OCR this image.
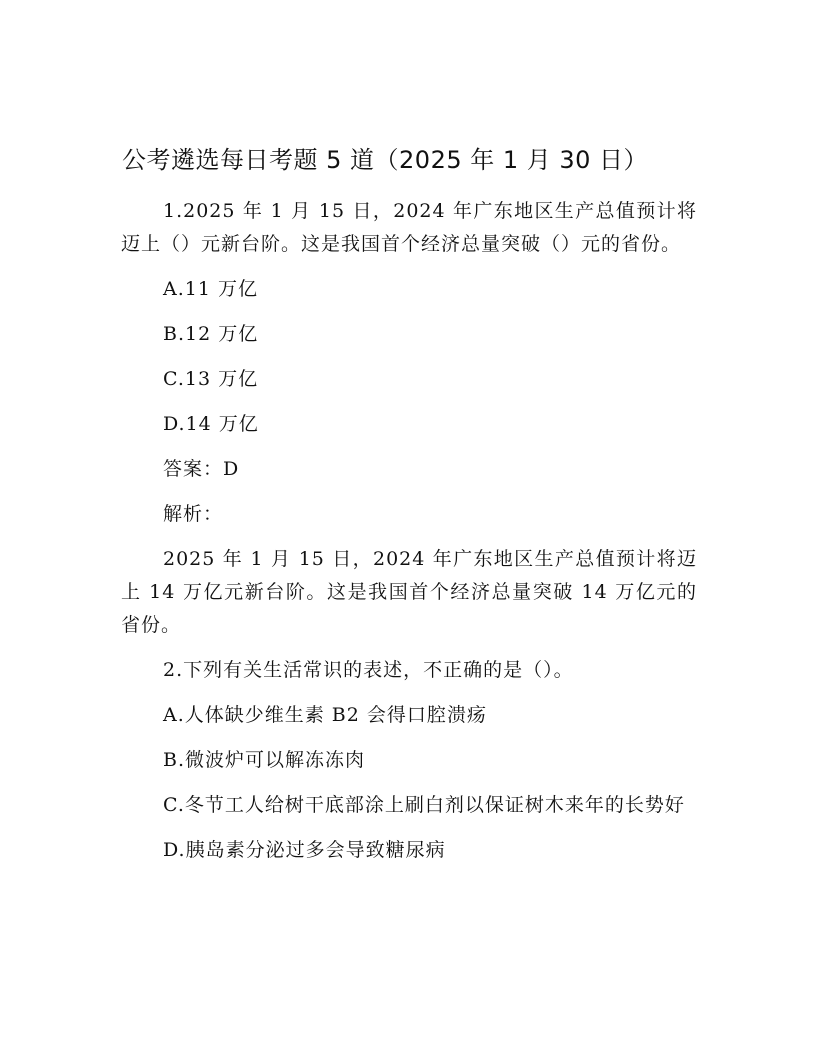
公考遴选每日考题 5 道（2025 年 1 月 30 日）

1.2025 年 1 月 15 日，2024 年广东地区生产总值预计将迈上（）元新台阶。这是我国首个经济总量突破（）元的省份。

A.11 万亿

B.12 万亿

C.13 万亿

D.14 万亿

答案：D

解析：

2025 年 1 月 15 日，2024 年广东地区生产总值预计将迈上 14 万亿元新台阶。这是我国首个经济总量突破 14 万亿元的省份。

2.下列有关生活常识的表述，不正确的是（）。

A.人体缺少维生素 B2 会得口腔溃疡

B.微波炉可以解冻冻肉

C.冬节工人给树干底部涂上刷白剂以保证树木来年的长势好

D.胰岛素分泌过多会导致糖尿病
